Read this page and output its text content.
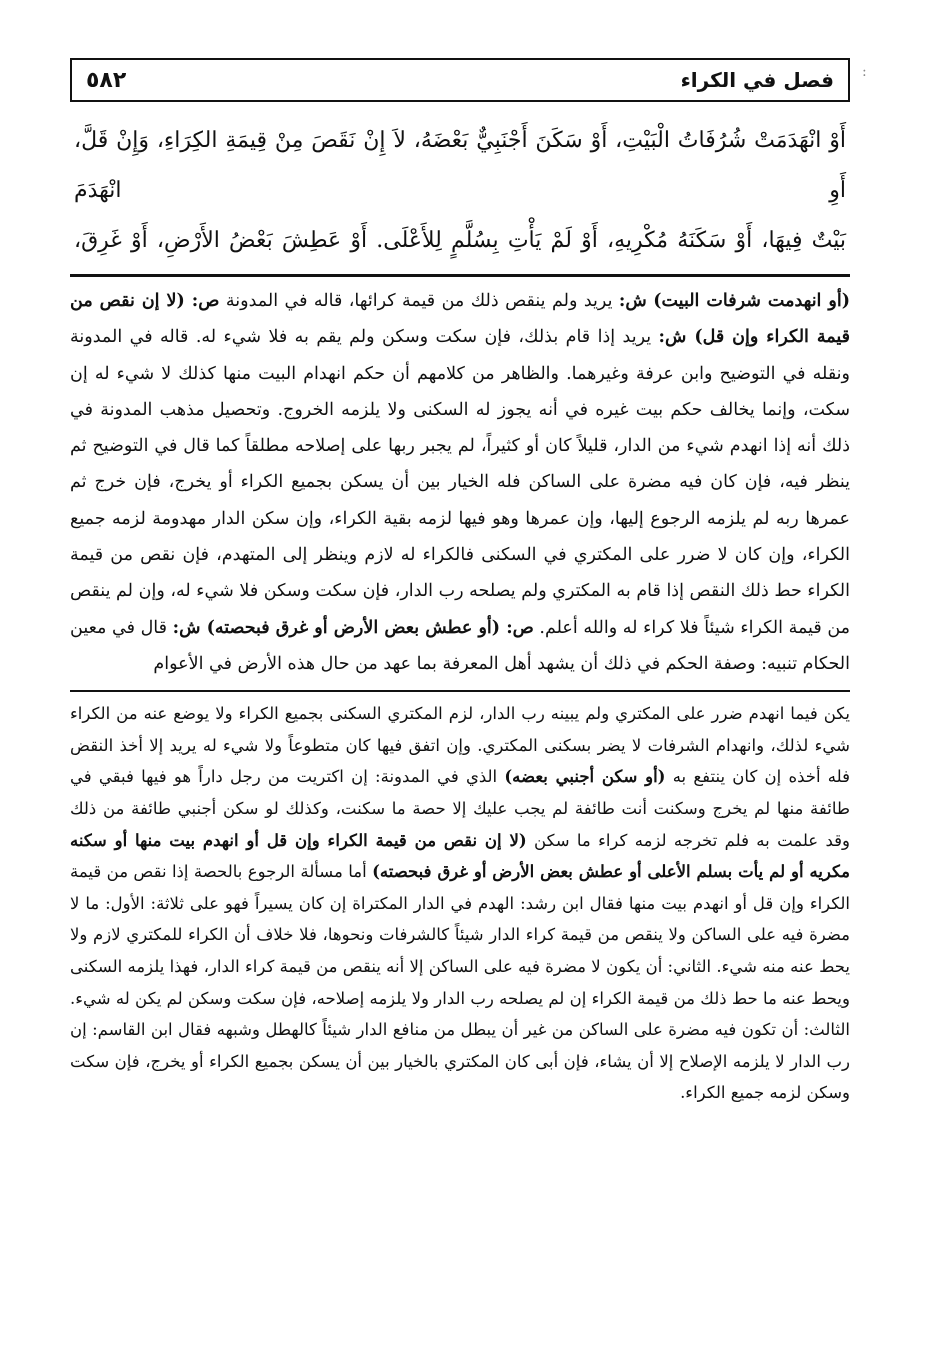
:
فصل في الكراء
٥٨٢

أَوْ انْهَدَمَتْ شُرُفَاتُ الْبَيْتِ، أَوْ سَكَنَ أَجْنَبِيٌّ بَعْضَهُ، لاَ إِنْ نَقَصَ مِنْ قِيمَةِ الكِرَاءِ، وَإِنْ قَلَّ، أَوِ انْهَدَمَ

بَيْتٌ فِيهَا، أَوْ سَكَنَهُ مُكْرِيهِ، أَوْ لَمْ يَأْتِ بِسُلَّمٍ لِلأَعْلَى. أَوْ عَطِشَ بَعْضُ الأَرْضِ، أَوْ غَرِقَ،

(أو انهدمت شرفات البيت) ش: يريد ولم ينقص ذلك من قيمة كرائها، قاله في المدونة ص: (لا إن نقص من قيمة الكراء وإن قل) ش: يريد إذا قام بذلك، فإن سكت وسكن ولم يقم به فلا شيء له. قاله في المدونة ونقله في التوضيح وابن عرفة وغيرهما. والظاهر من كلامهم أن حكم انهدام البيت منها كذلك لا شيء له إن سكت، وإنما يخالف حكم بيت غيره في أنه يجوز له السكنى ولا يلزمه الخروج. وتحصيل مذهب المدونة في ذلك أنه إذا انهدم شيء من الدار، قليلاً كان أو كثيراً، لم يجبر ربها على إصلاحه مطلقاً كما قال في التوضيح ثم ينظر فيه، فإن كان فيه مضرة على الساكن فله الخيار بين أن يسكن بجميع الكراء أو يخرج، فإن خرج ثم عمرها ربه لم يلزمه الرجوع إليها، وإن عمرها وهو فيها لزمه بقية الكراء، وإن سكن الدار مهدومة لزمه جميع الكراء، وإن كان لا ضرر على المكتري في السكنى فالكراء له لازم وينظر إلى المتهدم، فإن نقص من قيمة الكراء حط ذلك النقص إذا قام به المكتري ولم يصلحه رب الدار، فإن سكت وسكن فلا شيء له، وإن لم ينقص من قيمة الكراء شيئاً فلا كراء له والله أعلم. ص: (أو عطش بعض الأرض أو غرق فبحصته) ش: قال في معين الحكام تنبيه: وصفة الحكم في ذلك أن يشهد أهل المعرفة بما عهد من حال هذه الأرض في الأعوام

يكن فيما انهدم ضرر على المكتري ولم يبينه رب الدار، لزم المكتري السكنى بجميع الكراء ولا يوضع عنه من الكراء شيء لذلك، وانهدام الشرفات لا يضر بسكنى المكتري. وإن اتفق فيها كان متطوعاً ولا شيء له يريد إلا أخذ النقض فله أخذه إن كان ينتفع به (أو سكن أجنبي بعضه) الذي في المدونة: إن اكتريت من رجل داراً هو فيها فبقي في طائفة منها لم يخرج وسكنت أنت طائفة لم يجب عليك إلا حصة ما سكنت، وكذلك لو سكن أجنبي طائفة من ذلك وقد علمت به فلم تخرجه لزمه كراء ما سكن (لا إن نقص من قيمة الكراء وإن قل أو انهدم بيت منها أو سكنه مكريه أو لم يأت بسلم الأعلى أو عطش بعض الأرض أو غرق فبحصته) أما مسألة الرجوع بالحصة إذا نقص من قيمة الكراء وإن قل أو انهدم بيت منها فقال ابن رشد: الهدم في الدار المكتراة إن كان يسيراً فهو على ثلاثة: الأول: ما لا مضرة فيه على الساكن ولا ينقص من قيمة كراء الدار شيئاً كالشرفات ونحوها، فلا خلاف أن الكراء للمكتري لازم ولا يحط عنه منه شيء. الثاني: أن يكون لا مضرة فيه على الساكن إلا أنه ينقص من قيمة كراء الدار، فهذا يلزمه السكنى ويحط عنه ما حط ذلك من قيمة الكراء إن لم يصلحه رب الدار ولا يلزمه إصلاحه، فإن سكت وسكن لم يكن له شيء. الثالث: أن تكون فيه مضرة على الساكن من غير أن يبطل من منافع الدار شيئاً كالهطل وشبهه فقال ابن القاسم: إن رب الدار لا يلزمه الإصلاح إلا أن يشاء، فإن أبى كان المكتري بالخيار بين أن يسكن بجميع الكراء أو يخرج، فإن سكت وسكن لزمه جميع الكراء.
